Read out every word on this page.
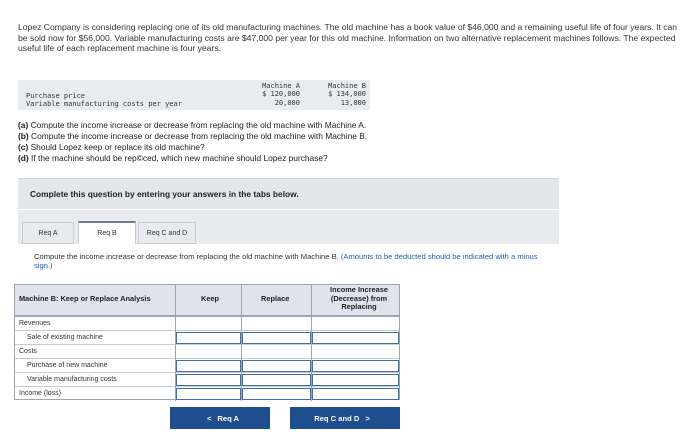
Lopez Company is considering replacing one of its old manufacturing machines. The old machine has a book value of $46,000 and a remaining useful life of four years. It can be sold now for $56,000. Variable manufacturing costs are $47,000 per year for this old machine. Information on two alternative replacement machines follows. The expected useful life of each replacement machine is four years.
Machine A	Machine B
Purchase price	$ 120,000	$ 134,000
Variable manufacturing costs per year	20,000	13,000
(a) Compute the income increase or decrease from replacing the old machine with Machine A.
(b) Compute the income increase or decrease from replacing the old machine with Machine B.
(c) Should Lopez keep or replace its old machine?
(d) If the machine should be rep©ced, which new machine should Lopez purchase?
Complete this question by entering your answers in the tabs below.
Req A	Req B	Req C and D
Compute the income increase or decrease from replacing the old machine with Machine B. (Amounts to be deducted should be indicated with a minus sign.)
Machine B: Keep or Replace Analysis	Keep	Replace
Income Increase
(Decrease) from
Replacing
Revenues
Sale of existing machine
Costs
Purchase of new machine
Variable manufacturing costs
Income (loss)
< Req A	Req C and D >
